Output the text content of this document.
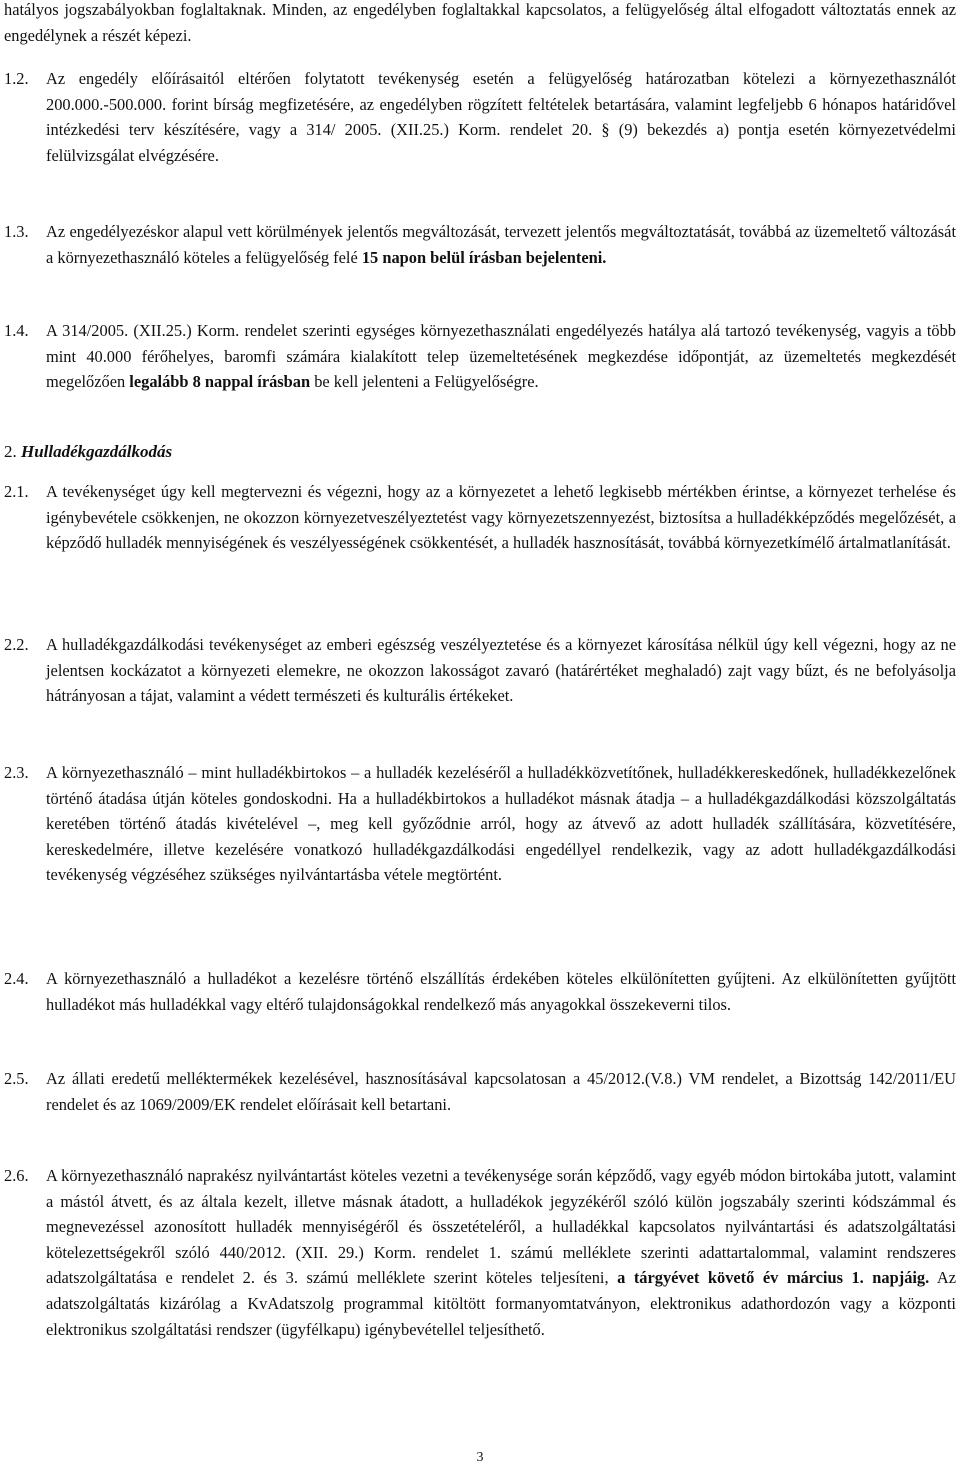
hatályos jogszabályokban foglaltaknak. Minden, az engedélyben foglaltakkal kapcsolatos, a felügyelőség által elfogadott változtatás ennek az engedélynek a részét képezi.

1.2. Az engedély előírásaitól eltérően folytatott tevékenység esetén a felügyelőség határozatban kötelezi a környezethasználót 200.000.-500.000. forint bírság megfizetésére, az engedélyben rögzített feltételek betartására, valamint legfeljebb 6 hónapos határidővel intézkedési terv készítésére, vagy a 314/ 2005. (XII.25.) Korm. rendelet 20. § (9) bekezdés a) pontja esetén környezetvédelmi felülvizsgálat elvégzésére.

1.3. Az engedélyezéskor alapul vett körülmények jelentős megváltozását, tervezett jelentős megváltoztatását, továbbá az üzemeltető változását a környezethasználó köteles a felügyelőség felé 15 napon belül írásban bejelenteni.

1.4. A 314/2005. (XII.25.) Korm. rendelet szerinti egységes környezethasználati engedélyezés hatálya alá tartozó tevékenység, vagyis a több mint 40.000 férőhelyes, baromfi számára kialakított telep üzemeltetésének megkezdése időpontját, az üzemeltetés megkezdését megelőzően legalább 8 nappal írásban be kell jelenteni a Felügyelőségre.

2. Hulladékgazdálkodás

2.1. A tevékenységet úgy kell megtervezni és végezni, hogy az a környezetet a lehető legkisebb mértékben érintse, a környezet terhelése és igénybevétele csökkenjen, ne okozzon környezetveszélyeztetést vagy környezetszennyezést, biztosítsa a hulladékképződés megelőzését, a képződő hulladék mennyiségének és veszélyességének csökkentését, a hulladék hasznosítását, továbbá környezetkímélő ártalmatlanítását.

2.2. A hulladékgazdálkodási tevékenységet az emberi egészség veszélyeztetése és a környezet károsítása nélkül úgy kell végezni, hogy az ne jelentsen kockázatot a környezeti elemekre, ne okozzon lakosságot zavaró (határértéket meghaladó) zajt vagy bűzt, és ne befolyásolja hátrányosan a tájat, valamint a védett természeti és kulturális értékeket.

2.3. A környezethasználó – mint hulladékbirtokos – a hulladék kezeléséről a hulladékközvetítőnek, hulladékkereskedőnek, hulladékkezelőnek történő átadása útján köteles gondoskodni. Ha a hulladékbirtokos a hulladékot másnak átadja – a hulladékgazdálkodási közszolgáltatás keretében történő átadás kivételével –, meg kell győződnie arról, hogy az átvevő az adott hulladék szállítására, közvetítésére, kereskedelmére, illetve kezelésére vonatkozó hulladékgazdálkodási engedéllyel rendelkezik, vagy az adott hulladékgazdálkodási tevékenység végzéséhez szükséges nyilvántartásba vétele megtörtént.

2.4. A környezethasználó a hulladékot a kezelésre történő elszállítás érdekében köteles elkülönítetten gyűjteni. Az elkülönítetten gyűjtött hulladékot más hulladékkal vagy eltérő tulajdonságokkal rendelkező más anyagokkal összekeverni tilos.

2.5. Az állati eredetű melléktermékek kezelésével, hasznosításával kapcsolatosan a 45/2012.(V.8.) VM rendelet, a Bizottság 142/2011/EU rendelet és az 1069/2009/EK rendelet előírásait kell betartani.

2.6. A környezethasználó naprakész nyilvántartást köteles vezetni a tevékenysége során képződő, vagy egyéb módon birtokába jutott, valamint a mástól átvett, és az általa kezelt, illetve másnak átadott, a hulladékok jegyzékéről szóló külön jogszabály szerinti kódszámmal és megnevezéssel azonosított hulladék mennyiségéről és összetételéről, a hulladékkal kapcsolatos nyilvántartási és adatszolgáltatási kötelezettségekről szóló 440/2012. (XII. 29.) Korm. rendelet 1. számú melléklete szerinti adattartalommal, valamint rendszeres adatszolgáltatása e rendelet 2. és 3. számú melléklete szerint köteles teljesíteni, a tárgyévet követő év március 1. napjáig. Az adatszolgáltatás kizárólag a KvAdatszolg programmal kitöltött formanyomtatványon, elektronikus adathordozón vagy a központi elektronikus szolgáltatási rendszer (ügyfélkapu) igénybevétellel teljesíthető.

3
